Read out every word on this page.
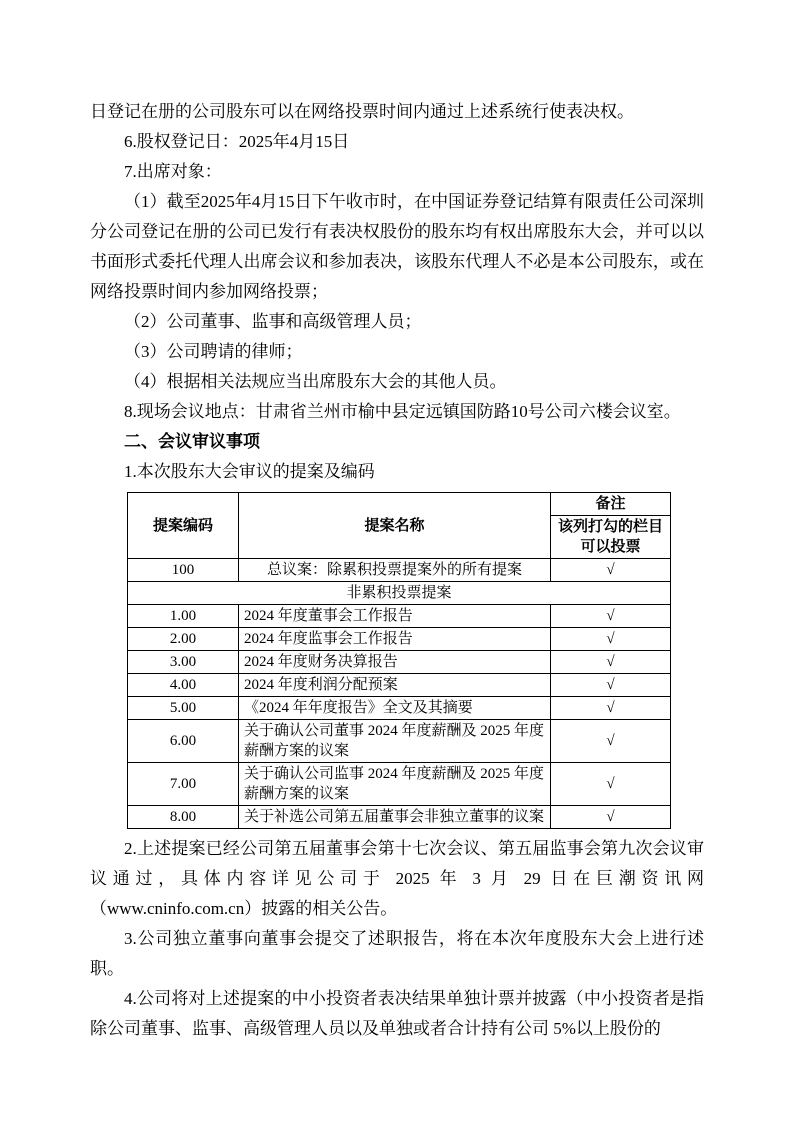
日登记在册的公司股东可以在网络投票时间内通过上述系统行使表决权。

6.股权登记日：2025年4月15日

7.出席对象：

（1）截至2025年4月15日下午收市时，在中国证券登记结算有限责任公司深圳分公司登记在册的公司已发行有表决权股份的股东均有权出席股东大会，并可以以书面形式委托代理人出席会议和参加表决，该股东代理人不必是本公司股东，或在网络投票时间内参加网络投票；

（2）公司董事、监事和高级管理人员；

（3）公司聘请的律师；

（4）根据相关法规应当出席股东大会的其他人员。

8.现场会议地点：甘肃省兰州市榆中县定远镇国防路10号公司六楼会议室。

二、会议审议事项

1.本次股东大会审议的提案及编码

提案编码	提案名称	备注
		该列打勾的栏目可以投票
100	总议案：除累积投票提案外的所有提案	√
非累积投票提案		
1.00	2024 年度董事会工作报告	√
2.00	2024 年度监事会工作报告	√
3.00	2024 年度财务决算报告	√
4.00	2024 年度利润分配预案	√
5.00	《2024 年年度报告》全文及其摘要	√
6.00	关于确认公司董事 2024 年度薪酬及 2025 年度薪酬方案的议案	√
7.00	关于确认公司监事 2024 年度薪酬及 2025 年度薪酬方案的议案	√
8.00	关于补选公司第五届董事会非独立董事的议案	√

2.上述提案已经公司第五届董事会第十七次会议、第五届监事会第九次会议审议通过，具体内容详见公司于 2025 年 3 月 29 日在巨潮资讯网（www.cninfo.com.cn）披露的相关公告。

3.公司独立董事向董事会提交了述职报告，将在本次年度股东大会上进行述职。

4.公司将对上述提案的中小投资者表决结果单独计票并披露（中小投资者是指除公司董事、监事、高级管理人员以及单独或者合计持有公司 5%以上股份的
